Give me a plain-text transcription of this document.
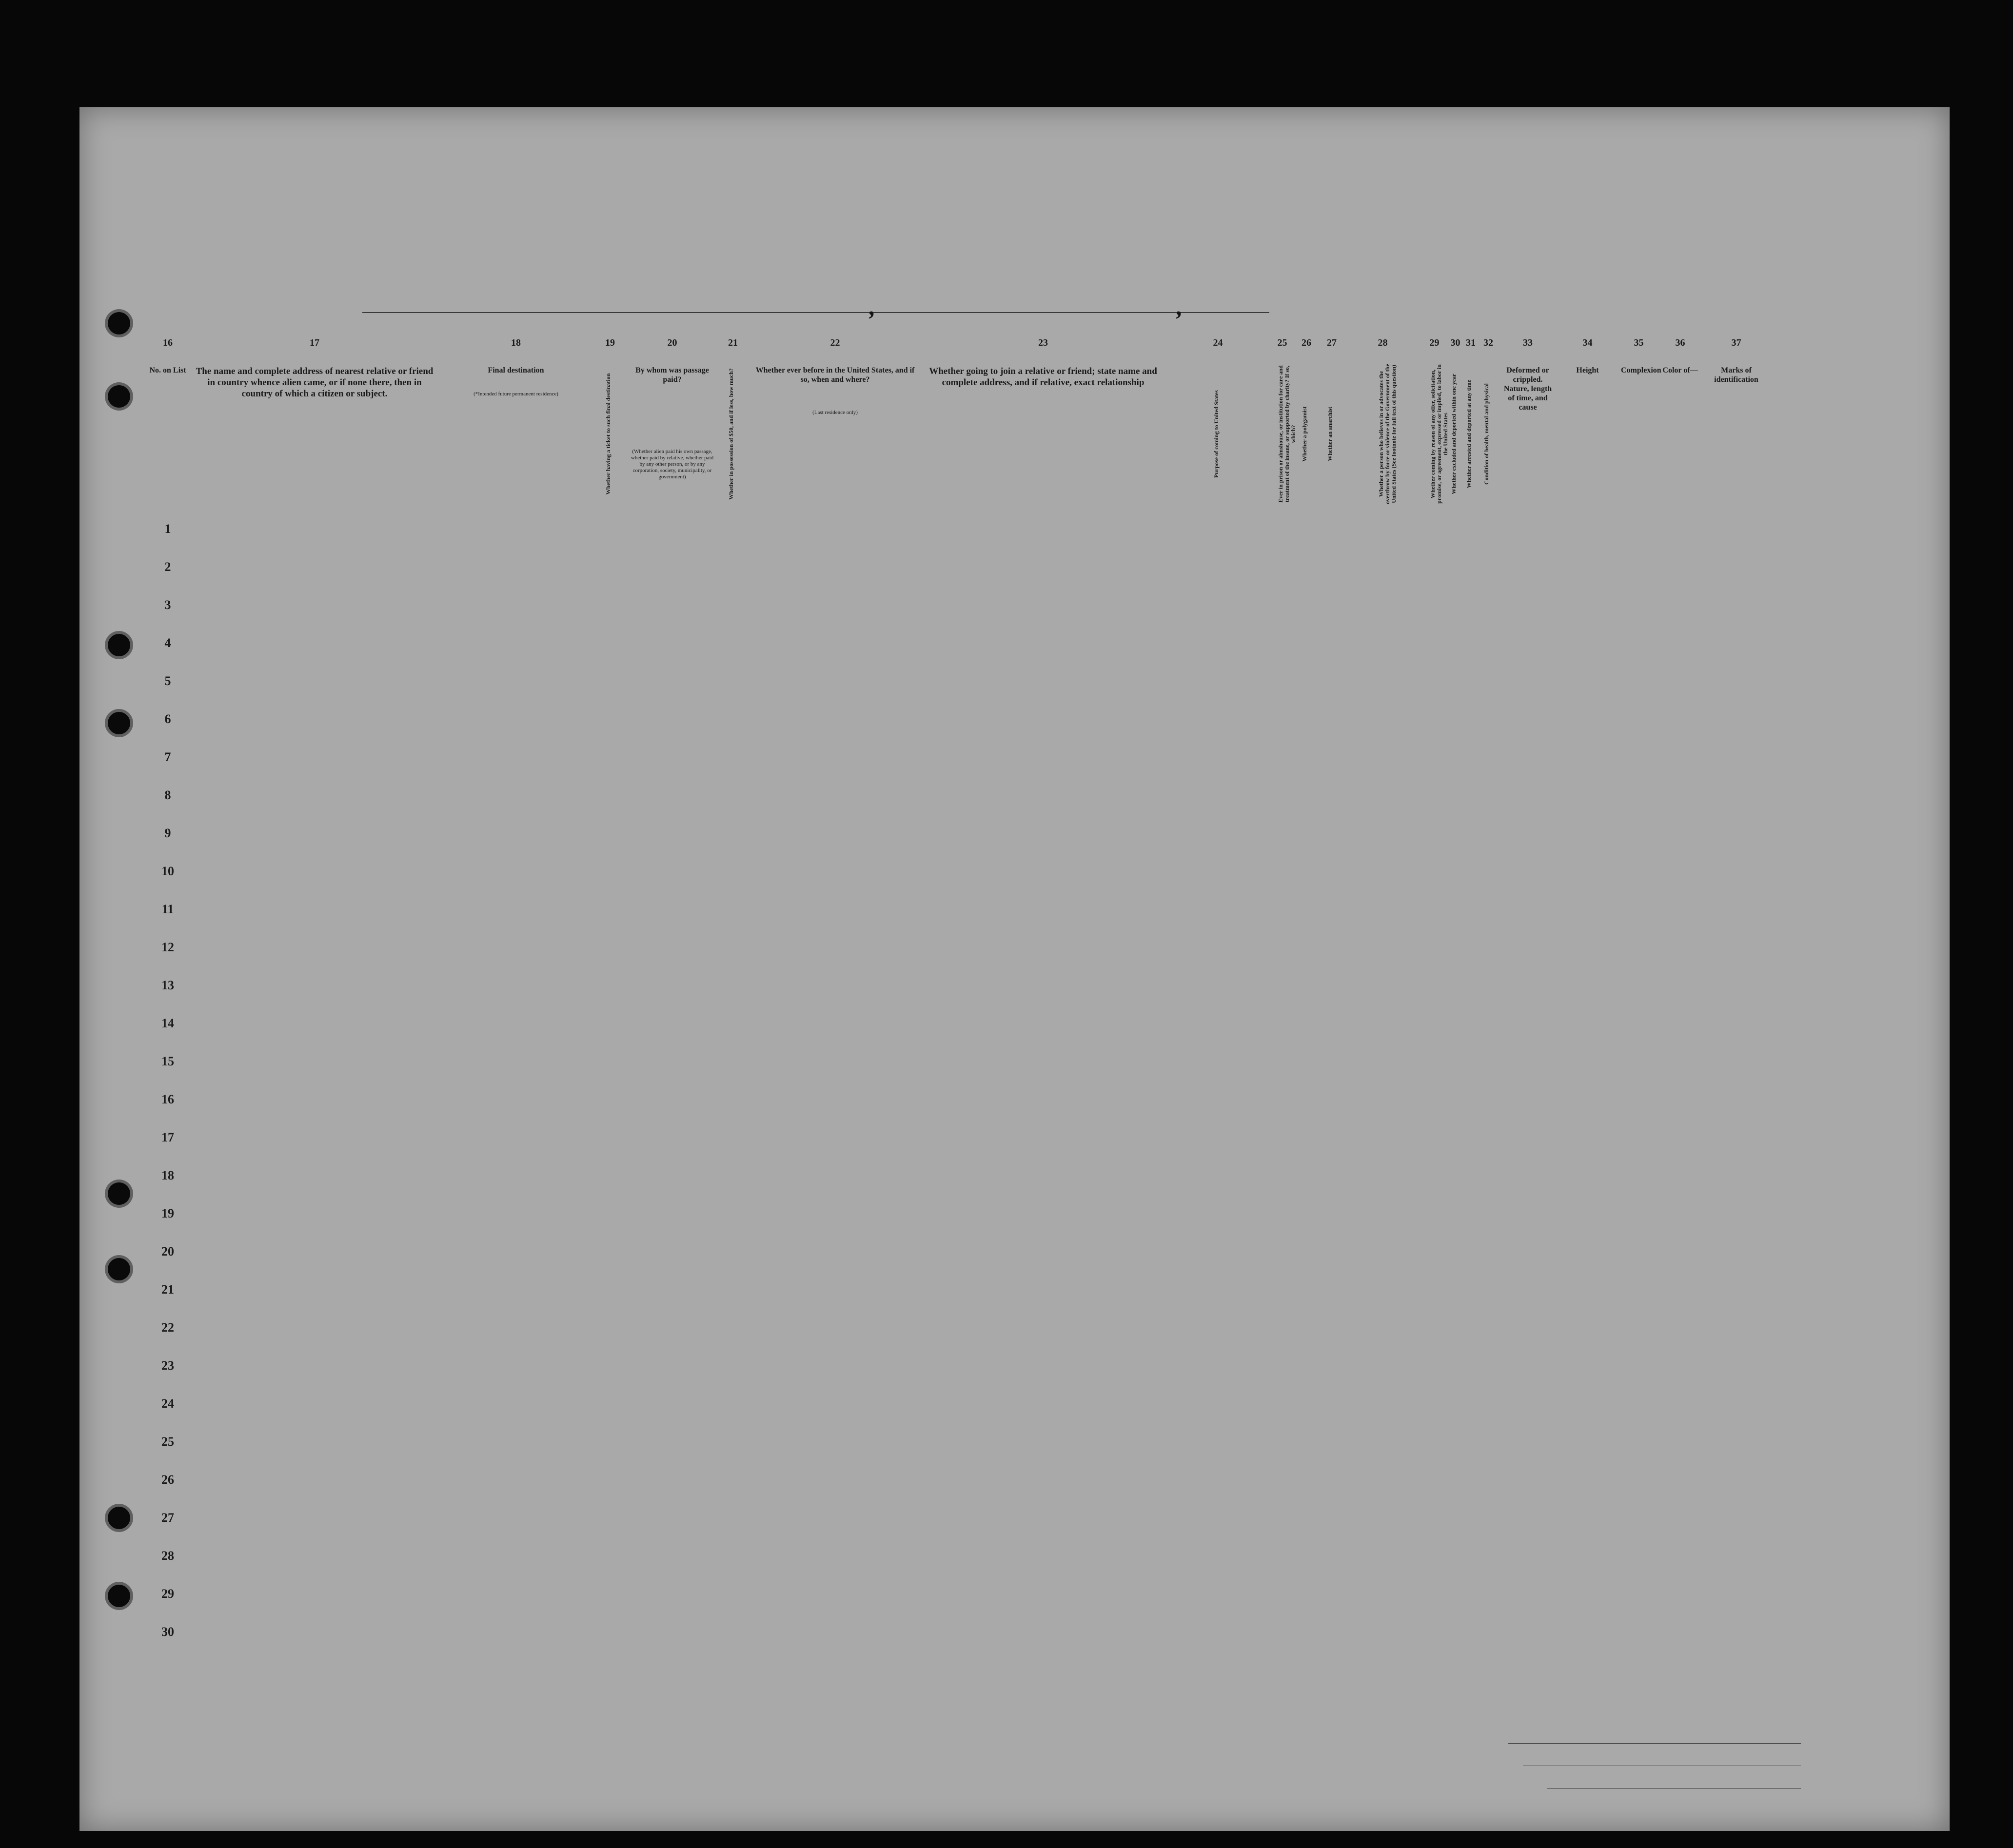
,	,
16
No. on List
17
The name and complete address of nearest relative or friend in country whence alien came, or if none there, then in country of which a citizen or subject.
18
Final destination
(*Intended future permanent residence)
19
Whether having a ticket to such final destination
20
By whom was passage paid?
(Whether alien paid his own passage, whether paid by relative, whether paid by any other person, or by any corporation, society, municipality, or government)
21
Whether in possession of $50, and if less, how much?
22
Whether ever before in the United States, and if so, when and where?
(Last residence only)
23
Whether going to join a relative or friend; state name and complete address, and if relative, exact relationship
24
Purpose of coming to United States
25
Ever in prison or almshouse, or institution for care and treatment of the insane, or supported by charity? If so, which?
26
Whether a polygamist
27
Whether an anarchist
28
Whether a person who believes in or advocates the overthrow by force or violence of the Government of the United States (See footnote for full text of this question)
29
Whether coming by reason of any offer, solicitation, promise, or agreement, expressed or implied, to labor in the United States
30
Whether excluded and deported within one year
31
Whether arrested and deported at any time
32
Condition of health, mental and physical
33
Deformed or crippled. Nature, length of time, and cause
34
Height
35
Complexion
36
Color of—
37
Marks of identification
1
2
3
4
5
6
7
8
9
10
11
12
13
14
15
16
17
18
19
20
21
22
23
24
25
26
27
28
29
30
